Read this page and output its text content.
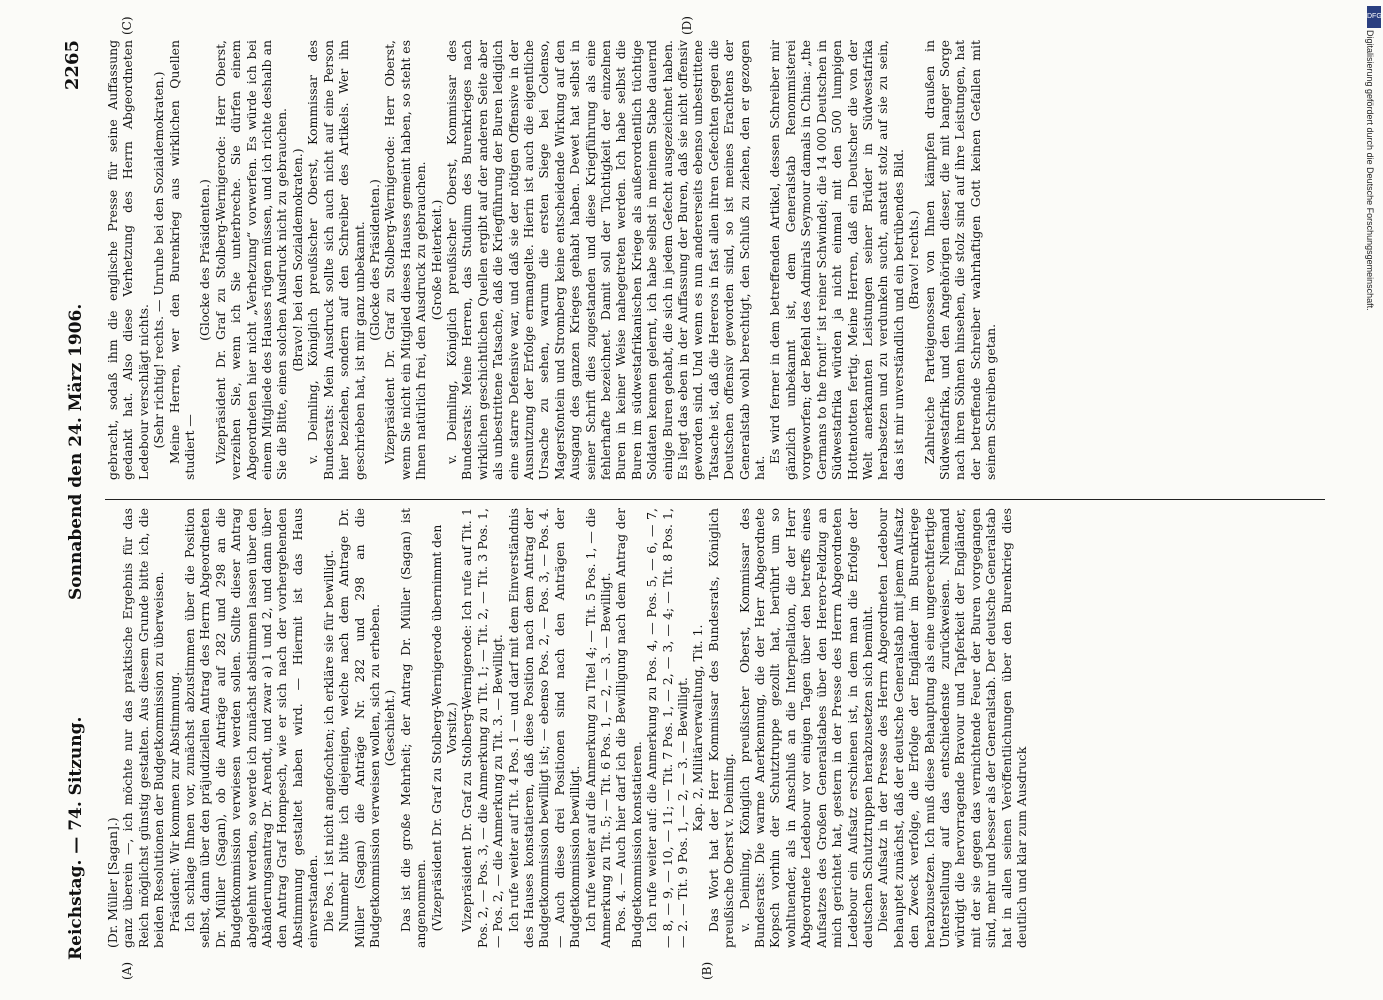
Reichstag. — 74. Sitzung.
Sonnabend den 24. März 1906.
2265

(Dr. Müller [Sagan].) ganz überein —, ich möchte nur das praktische Ergebnis für das Reich möglichst günstig gestalten. Aus diesem Grunde bitte ich, die beiden Resolutionen der Budgetkommission zu überweisen. Präsident: Wir kommen zur Abstimmung. Ich schlage Ihnen vor, zunächst abzustimmen über die Position selbst, dann über den präjudiziellen Antrag des Herrn Abgeordneten Dr. Müller (Sagan), ob die Anträge auf 282 und 298 an die Budgetkommission verwiesen werden sollen. Sollte dieser Antrag abgelehnt werden, so werde ich zunächst abstimmen lassen über den Abänderungsantrag Dr. Arendt, und zwar a) 1 und 2, und dann über den Antrag Graf Hompesch, wie er sich nach der vorhergehenden Abstimmung gestaltet haben wird. — Hiermit ist das Haus einverstanden. Die Pos. 1 ist nicht angefochten; ich erkläre sie für bewilligt. Nunmehr bitte ich diejenigen, welche nach dem Antrage Dr. Müller (Sagan) die Anträge Nr. 282 und 298 an die Budgetkommission verweisen wollen, sich zu erheben. (Geschieht.) Das ist die große Mehrheit; der Antrag Dr. Müller (Sagan) ist angenommen. (Vizepräsident Dr. Graf zu Stolberg-Wernigerode übernimmt den Vorsitz.) Vizepräsident Dr. Graf zu Stolberg-Wernigerode: Ich rufe auf Tit. 1 Pos. 2, — Pos. 3, — die Anmerkung zu Tit. 1; — Tit. 2, — Tit. 3 Pos. 1, — Pos. 2, — die Anmerkung zu Tit. 3. — Bewilligt. Ich rufe weiter auf Tit. 4 Pos. 1 — und darf mit dem Einverständnis des Hauses konstatieren, daß diese Position nach dem Antrag der Budgetkommission bewilligt ist; — ebenso Pos. 2, — Pos. 3, — Pos. 4. — Auch diese drei Positionen sind nach den Anträgen der Budgetkommission bewilligt. Ich rufe weiter auf die Anmerkung zu Titel 4; — Tit. 5 Pos. 1, — die Anmerkung zu Tit. 5; — Tit. 6 Pos. 1, — 2, — 3. — Bewilligt. Pos. 4. — Auch hier darf ich die Bewilligung nach dem Antrag der Budgetkommission konstatieren. Ich rufe weiter auf: die Anmerkung zu Pos. 4, — Pos. 5, — 6, — 7, — 8, — 9, — 10, — 11; — Tit. 7 Pos. 1, — 2, — 3, — 4; — Tit. 8 Pos. 1, — 2. — Tit. 9 Pos. 1, — 2, — 3. — Bewilligt. Kap. 2, Militärverwaltung, Tit. 1. Das Wort hat der Herr Kommissar des Bundesrats, Königlich preußische Oberst v. Deimling. v. Deimling, Königlich preußischer Oberst, Kommissar des Bundesrats: Die warme Anerkennung, die der Herr Abgeordnete Kopsch vorhin der Schutztruppe gezollt hat, berührt um so wohltuender, als in Anschluß an die Interpellation, die der Herr Abgeordnete Ledebour vor einigen Tagen über den betreffs eines Aufsatzes des Großen Generalstabes über den Herero-Feldzug an mich gerichtet hat, gestern in der Presse des Herrn Abgeordneten Ledebour ein Aufsatz erschienen ist, in dem man die Erfolge der deutschen Schutztruppen herabzusetzen sich bemüht. Dieser Aufsatz in der Presse des Herrn Abgeordneten Ledebour behauptet zunächst, daß der deutsche Generalstab mit jenem Aufsatz den Zweck verfolge, die Erfolge der Engländer im Burenkriege herabzusetzen. Ich muß diese Behauptung als eine ungerechtfertigte Unterstellung auf das entschiedenste zurückweisen. Niemand würdigt die hervorragende Bravour und Tapferkeit der Engländer, mit der sie gegen das vernichtende Feuer der Buren vorgegangen sind, mehr und besser als der Generalstab. Der deutsche Generalstab hat in allen seinen Veröffentlichungen über den Burenkrieg dies deutlich und klar zum Ausdruck

gebracht, sodaß ihm die englische Presse für seine Auffassung gedankt hat. Also diese Verhetzung des Herrn Abgeordneten Ledebour verschlägt nichts. (Sehr richtig! rechts. — Unruhe bei den Sozialdemokraten.) Meine Herren, wer den Burenkrieg aus wirklichen Quellen studiert —

(Glocke des Präsidenten.) Vizepräsident Dr. Graf zu Stolberg-Wernigerode: Herr Oberst, verzeihen Sie, wenn ich Sie unterbreche. Sie dürfen einem Abgeordneten hier nicht „Verhetzung“ vorwerfen. Es würde ich bei einem Mitgliede des Hauses rügen müssen, und ich richte deshalb an Sie die Bitte, einen solchen Ausdruck nicht zu gebrauchen. (Bravo! bei den Sozialdemokraten.) v. Deimling, Königlich preußischer Oberst, Kommissar des Bundesrats: Mein Ausdruck sollte sich auch nicht auf eine Person hier beziehen, sondern auf den Schreiber des Artikels. Wer ihn geschrieben hat, ist mir ganz unbekannt. (Glocke des Präsidenten.) Vizepräsident Dr. Graf zu Stolberg-Wernigerode: Herr Oberst, wenn Sie nicht ein Mitglied dieses Hauses gemeint haben, so steht es Ihnen natürlich frei, den Ausdruck zu gebrauchen. (Große Heiterkeit.) v. Deimling, Königlich preußischer Oberst, Kommissar des Bundesrats: Meine Herren, das Studium des Burenkrieges nach wirklichen geschichtlichen Quellen ergibt auf der anderen Seite aber als unbestrittene Tatsache, daß die Kriegführung der Buren lediglich eine starre Defensive war, und daß sie der nötigen Offensive in der Ausnutzung der Erfolge ermangelte. Hierin ist auch die eigentliche Ursache zu sehen, warum die ersten Siege bei Colenso, Magersfontein und Stromberg keine entscheidende Wirkung auf den Ausgang des ganzen Krieges gehabt haben. Dewet hat selbst in seiner Schrift dies zugestanden und diese Kriegführung als eine fehlerhafte bezeichnet. Damit soll der Tüchtigkeit der einzelnen Buren in keiner Weise nahegetreten werden. Ich habe selbst die Buren im südwestafrikanischen Kriege als außerordentlich tüchtige Soldaten kennen gelernt, ich habe selbst in meinem Stabe dauernd einige Buren gehabt, die sich in jedem Gefecht ausgezeichnet haben. Es liegt das eben in der Auffassung der Buren, daß sie nicht offensiv geworden sind. Und wenn es nun andererseits ebenso unbestrittene Tatsache ist, daß die Hereros in fast allen ihren Gefechten gegen die Deutschen offensiv geworden sind, so ist meines Erachtens der Generalstab wohl berechtigt, den Schluß zu ziehen, den er gezogen hat.

Es wird ferner in dem betreffenden Artikel, dessen Schreiber mir gänzlich unbekannt ist, dem Generalstab Renommisterei vorgeworfen; der Befehl des Admirals Seymour damals in China: „the Germans to the front!“ ist reiner Schwindel; die 14 000 Deutschen in Südwestafrika würden ja nicht einmal mit den 500 lumpigen Hottentotten fertig. Meine Herren, daß ein Deutscher die von der Welt anerkannten Leistungen seiner Brüder in Südwestafrika herabsetzen und zu verdunkeln sucht, anstatt stolz auf sie zu sein, das ist mir unverständlich und ein betrübendes Bild. (Bravo! rechts.) Zahlreiche Parteigenossen von Ihnen kämpfen draußen in Südwestafrika, und den Angehörigen dieser, die mit banger Sorge nach ihren Söhnen hinsehen, die stolz sind auf ihre Leistungen, hat der betreffende Schreiber wahrhaftigen Gott keinen Gefallen mit seinem Schreiben getan.

(A)	(B)
(C)	(D)	DFG
Digitalisierung gefördert durch die Deutsche Forschungsgemeinschaft.
